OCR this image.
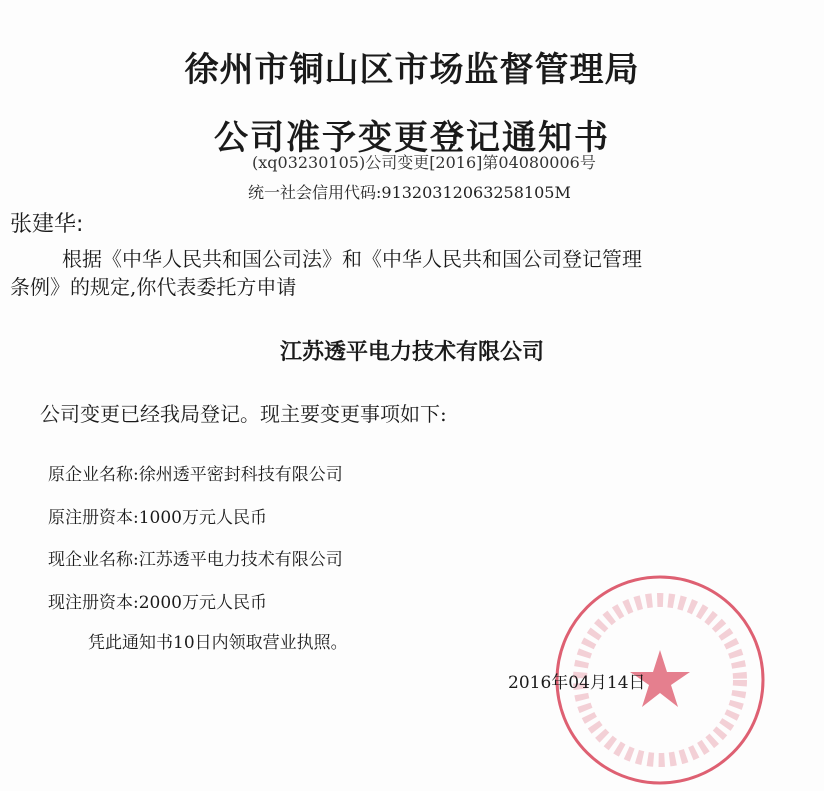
徐州市铜山区市场监督管理局
公司准予变更登记通知书
(xq03230105)公司变更[2016]第04080006号
统一社会信用代码:91320312063258105M
张建华:
根据《中华人民共和国公司法》和《中华人民共和国公司登记管理
条例》的规定,你代表委托方申请
江苏透平电力技术有限公司
公司变更已经我局登记。现主要变更事项如下:
原企业名称:徐州透平密封科技有限公司
原注册资本:1000万元人民币
现企业名称:江苏透平电力技术有限公司
现注册资本:2000万元人民币
凭此通知书10日内领取营业执照。
2016年04月14日
